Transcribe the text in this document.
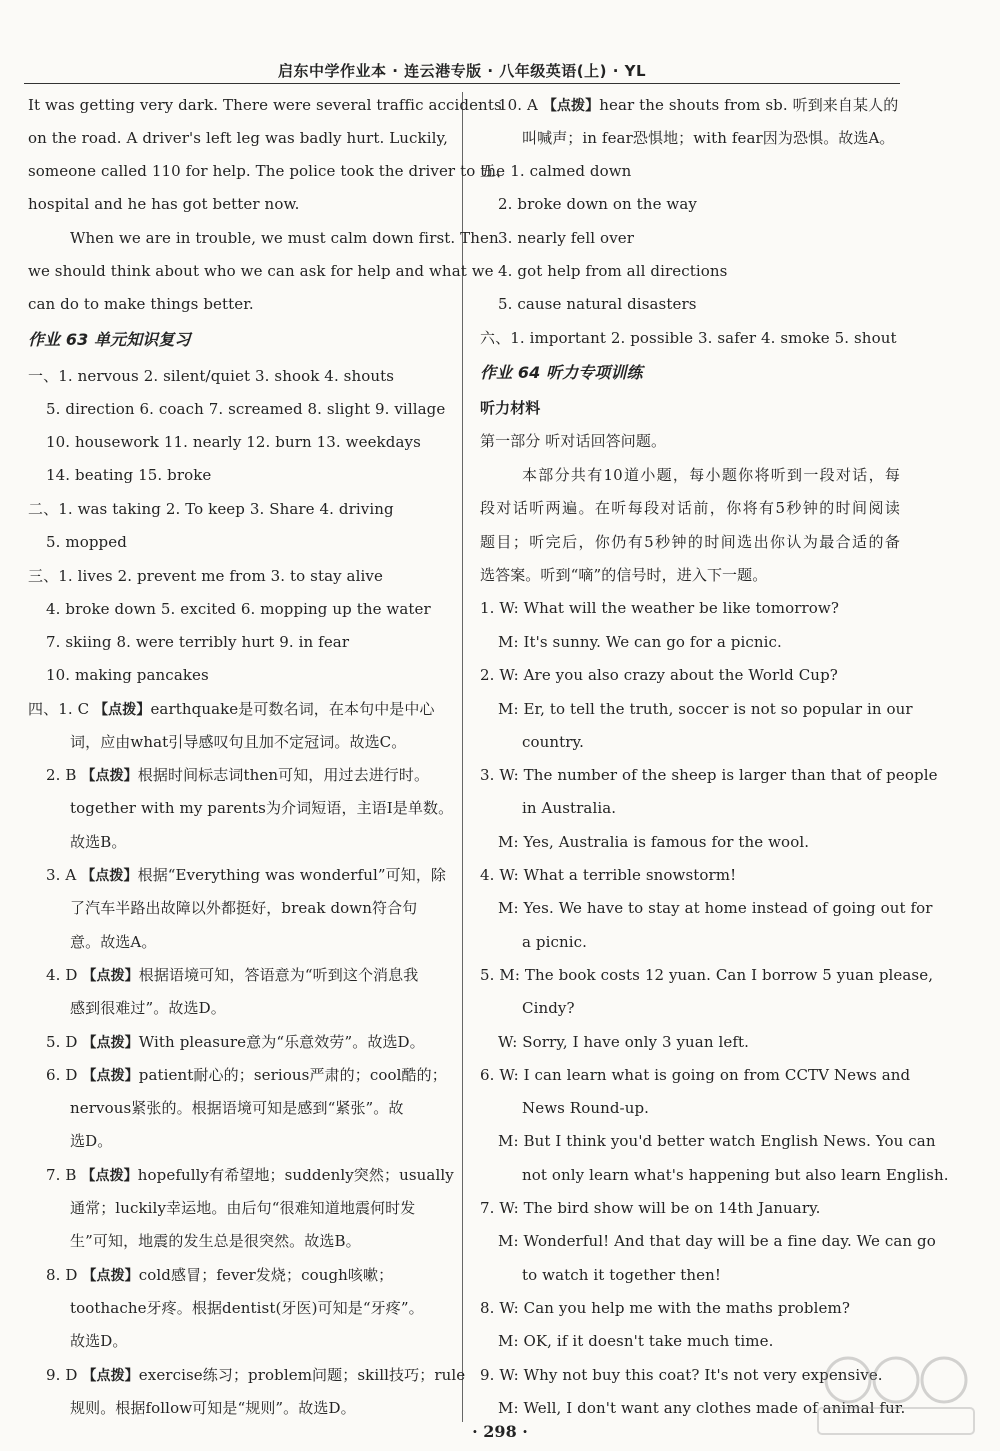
启东中学作业本 · 连云港专版 · 八年级英语(上) · YL
It was getting very dark. There were several traffic accidents
on the road. A driver's left leg was badly hurt. Luckily,
someone called 110 for help. The police took the driver to the
hospital and he has got better now.
When we are in trouble, we must calm down first. Then
we should think about who we can ask for help and what we
can do to make things better.
作业 63 单元知识复习
一、1. nervous 2. silent/quiet 3. shook 4. shouts
5. direction 6. coach 7. screamed 8. slight 9. village
10. housework 11. nearly 12. burn 13. weekdays
14. beating 15. broke
二、1. was taking 2. To keep 3. Share 4. driving
5. mopped
三、1. lives 2. prevent me from 3. to stay alive
4. broke down 5. excited 6. mopping up the water
7. skiing 8. were terribly hurt 9. in fear
10. making pancakes
四、1. C 【点拨】earthquake是可数名词，在本句中是中心
词，应由what引导感叹句且加不定冠词。故选C。
2. B 【点拨】根据时间标志词then可知，用过去进行时。
together with my parents为介词短语，主语I是单数。
故选B。
3. A 【点拨】根据“Everything was wonderful”可知，除
了汽车半路出故障以外都挺好，break down符合句
意。故选A。
4. D 【点拨】根据语境可知，答语意为“听到这个消息我
感到很难过”。故选D。
5. D 【点拨】With pleasure意为“乐意效劳”。故选D。
6. D 【点拨】patient耐心的；serious严肃的；cool酷的；
nervous紧张的。根据语境可知是感到“紧张”。故
选D。
7. B 【点拨】hopefully有希望地；suddenly突然；usually
通常；luckily幸运地。由后句“很难知道地震何时发
生”可知，地震的发生总是很突然。故选B。
8. D 【点拨】cold感冒；fever发烧；cough咳嗽；
toothache牙疼。根据dentist(牙医)可知是“牙疼”。
故选D。
9. D 【点拨】exercise练习；problem问题；skill技巧；rule
规则。根据follow可知是“规则”。故选D。
10. A 【点拨】hear the shouts from sb. 听到来自某人的
叫喊声；in fear恐惧地；with fear因为恐惧。故选A。
五、1. calmed down
2. broke down on the way
3. nearly fell over
4. got help from all directions
5. cause natural disasters
六、1. important 2. possible 3. safer 4. smoke 5. shout
作业 64 听力专项训练
听力材料
第一部分 听对话回答问题。
本部分共有10道小题，每小题你将听到一段对话，每
段对话听两遍。在听每段对话前，你将有5秒钟的时间阅读
题目；听完后，你仍有5秒钟的时间选出你认为最合适的备
选答案。听到“嘀”的信号时，进入下一题。
1. W: What will the weather be like tomorrow?
M: It's sunny. We can go for a picnic.
2. W: Are you also crazy about the World Cup?
M: Er, to tell the truth, soccer is not so popular in our
country.
3. W: The number of the sheep is larger than that of people
in Australia.
M: Yes, Australia is famous for the wool.
4. W: What a terrible snowstorm!
M: Yes. We have to stay at home instead of going out for
a picnic.
5. M: The book costs 12 yuan. Can I borrow 5 yuan please,
Cindy?
W: Sorry, I have only 3 yuan left.
6. W: I can learn what is going on from CCTV News and
News Round-up.
M: But I think you'd better watch English News. You can
not only learn what's happening but also learn English.
7. W: The bird show will be on 14th January.
M: Wonderful! And that day will be a fine day. We can go
to watch it together then!
8. W: Can you help me with the maths problem?
M: OK, if it doesn't take much time.
9. W: Why not buy this coat? It's not very expensive.
M: Well, I don't want any clothes made of animal fur.
· 298 ·
